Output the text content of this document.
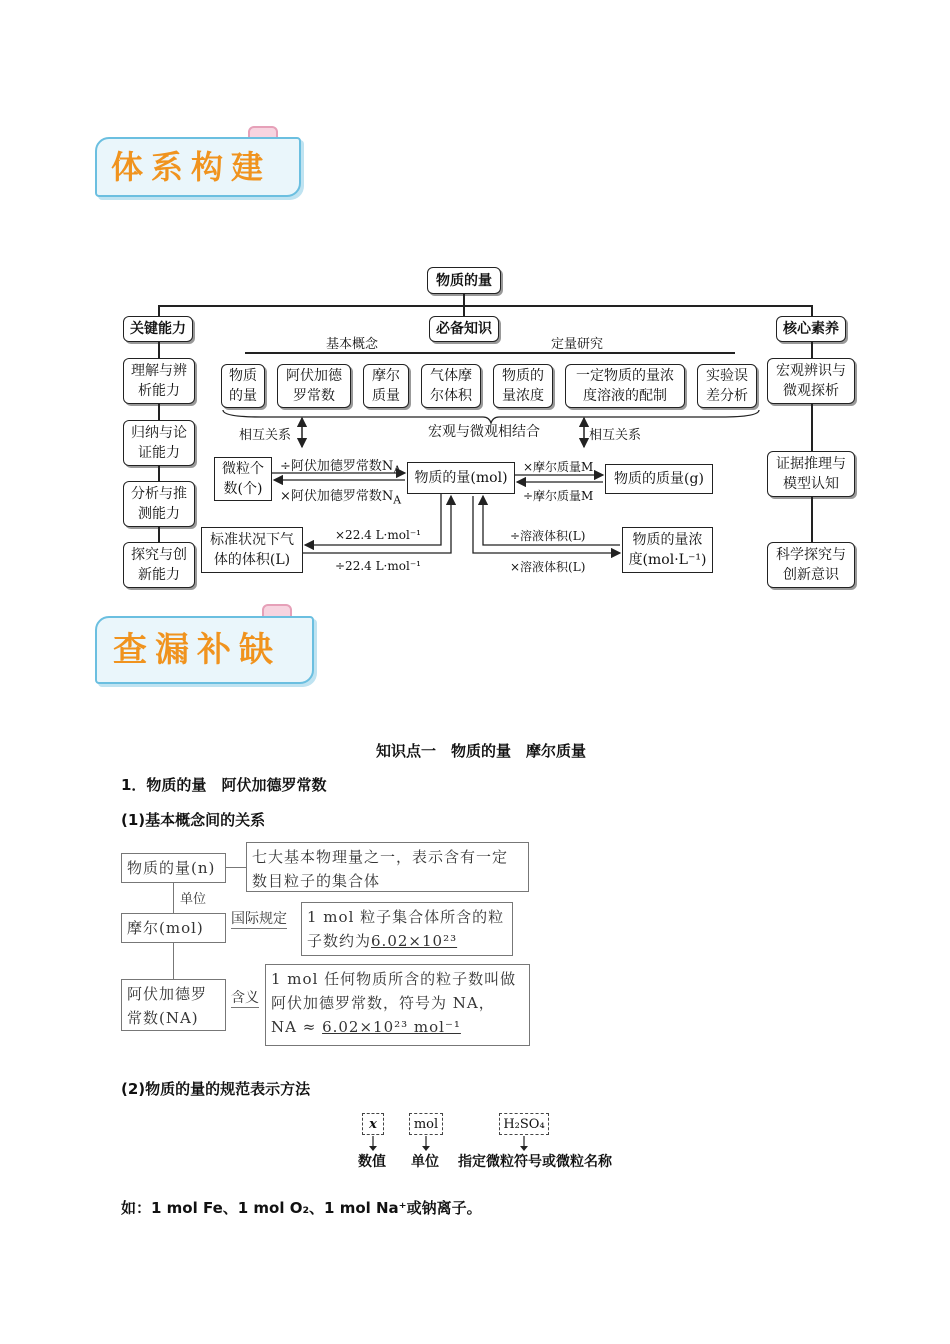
体系构建
物质的量
关键能力	必备知识	核心素养
基本概念	定量研究
理解与辨析能力
归纳与论证能力
分析与推测能力
探究与创新能力
宏观辨识与微观探析
证据推理与模型认知
科学探究与创新意识
物质的量
阿伏加德罗常数
摩尔质量
气体摩尔体积
物质的量浓度
一定物质的量浓度溶液的配制
实验误差分析
宏观与微观相结合
相互关系	相互关系
微粒个数(个)
物质的量(mol)	物质的质量(g)
标准状况下气体的体积(L)
物质的量浓度(mol·L⁻¹)
÷阿伏加德罗常数$N_A$
×阿伏加德罗常数$N_A$
×摩尔质量M
÷摩尔质量M
×22.4 L·mol⁻¹
÷22.4 L·mol⁻¹
÷溶液体积(L)
×溶液体积(L)
查漏补缺
知识点一　物质的量　摩尔质量
1．物质的量　阿伏加德罗常数
(1)基本概念间的关系
物质的量(n)
七大基本物理量之一，表示含有一定数目粒子的集合体
单位
摩尔(mol)	国际规定	1 mol 粒子集合体所含的粒子数约为6.02×10²³
阿伏加德罗常数(NA)
含义
1 mol 任何物质所含的粒子数叫做阿伏加德罗常数，符号为 NA，
NA ≈ 6.02×10²³ mol⁻¹
(2)物质的量的规范表示方法
x	mol	H₂SO₄
数值 单位 指定微粒符号或微粒名称
如：1 mol Fe、1 mol O₂、1 mol Na⁺或钠离子。
